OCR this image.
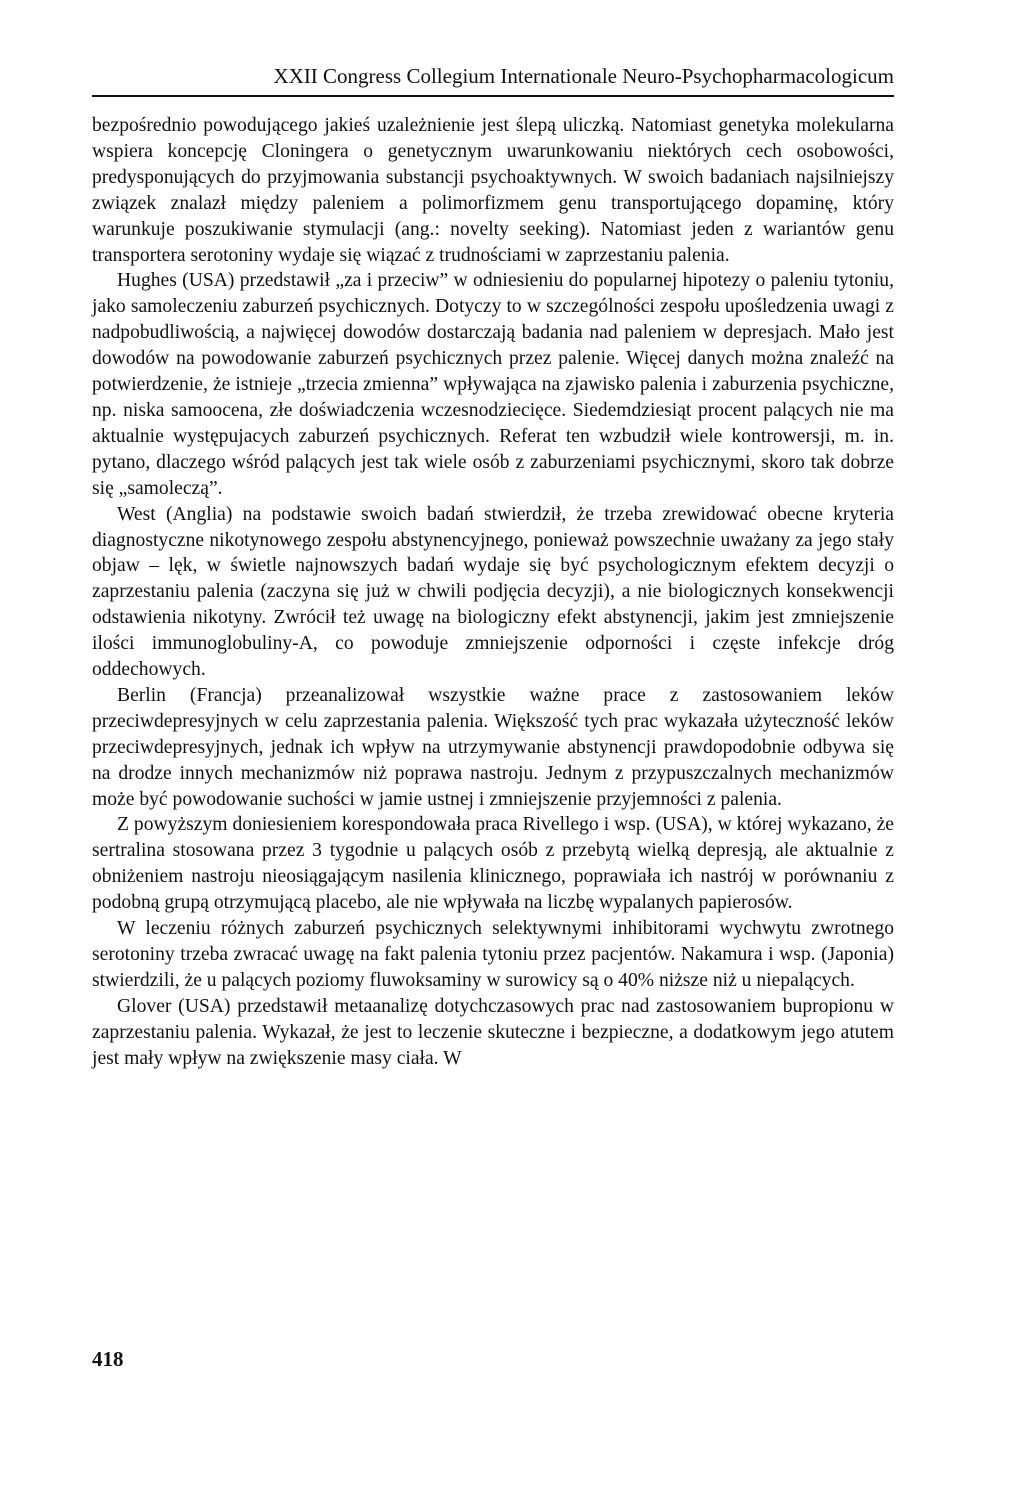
XXII Congress Collegium Internationale Neuro-Psychopharmacologicum

bezpośrednio powodującego jakieś uzależnienie jest ślepą uliczką. Natomiast genetyka molekularna wspiera koncepcję Cloningera o genetycznym uwarunkowaniu niektórych cech osobowości, predysponujących do przyjmowania substancji psychoaktywnych. W swoich badaniach najsilniejszy związek znalazł między paleniem a polimorfizmem genu transportującego dopaminę, który warunkuje poszukiwanie stymulacji (ang.: novelty seeking). Natomiast jeden z wariantów genu transportera serotoniny wydaje się wiązać z trudnościami w zaprzestaniu palenia.

Hughes (USA) przedstawił „za i przeciw” w odniesieniu do popularnej hipotezy o paleniu tytoniu, jako samoleczeniu zaburzeń psychicznych. Dotyczy to w szczególności zespołu upośledzenia uwagi z nadpobudliwością, a najwięcej dowodów dostarczają badania nad paleniem w depresjach. Mało jest dowodów na powodowanie zaburzeń psychicznych przez palenie. Więcej danych można znaleźć na potwierdzenie, że istnieje „trzecia zmienna” wpływająca na zjawisko palenia i zaburzenia psychiczne, np. niska samoocena, złe doświadczenia wczesnodziecięce. Siedemdziesiąt procent palących nie ma aktualnie występujacych zaburzeń psychicznych. Referat ten wzbudził wiele kontrowersji, m. in. pytano, dlaczego wśród palących jest tak wiele osób z zaburzeniami psychicznymi, skoro tak dobrze się „samoleczą”.

West (Anglia) na podstawie swoich badań stwierdził, że trzeba zrewidować obecne kryteria diagnostyczne nikotynowego zespołu abstynencyjnego, ponieważ powszechnie uważany za jego stały objaw – lęk, w świetle najnowszych badań wydaje się być psychologicznym efektem decyzji o zaprzestaniu palenia (zaczyna się już w chwili podjęcia decyzji), a nie biologicznych konsekwencji odstawienia nikotyny. Zwrócił też uwagę na biologiczny efekt abstynencji, jakim jest zmniejszenie ilości immunoglobuliny-A, co powoduje zmniejszenie odporności i częste infekcje dróg oddechowych.

Berlin (Francja) przeanalizował wszystkie ważne prace z zastosowaniem leków przeciwdepresyjnych w celu zaprzestania palenia. Większość tych prac wykazała użyteczność leków przeciwdepresyjnych, jednak ich wpływ na utrzymywanie abstynencji prawdopodobnie odbywa się na drodze innych mechanizmów niż poprawa nastroju. Jednym z przypuszczalnych mechanizmów może być powodowanie suchości w jamie ustnej i zmniejszenie przyjemności z palenia.

Z powyższym doniesieniem korespondowała praca Rivellego i wsp. (USA), w której wykazano, że sertralina stosowana przez 3 tygodnie u palących osób z przebytą wielką depresją, ale aktualnie z obniżeniem nastroju nieosiągającym nasilenia klinicznego, poprawiała ich nastrój w porównaniu z podobną grupą otrzymującą placebo, ale nie wpływała na liczbę wypalanych papierosów.

W leczeniu różnych zaburzeń psychicznych selektywnymi inhibitorami wychwytu zwrotnego serotoniny trzeba zwracać uwagę na fakt palenia tytoniu przez pacjentów. Nakamura i wsp. (Japonia) stwierdzili, że u palących poziomy fluwoksaminy w surowicy są o 40% niższe niż u niepalących.

Glover (USA) przedstawił metaanalizę dotychczasowych prac nad zastosowaniem bupropionu w zaprzestaniu palenia. Wykazał, że jest to leczenie skuteczne i bezpieczne, a dodatkowym jego atutem jest mały wpływ na zwiększenie masy ciała. W

418
